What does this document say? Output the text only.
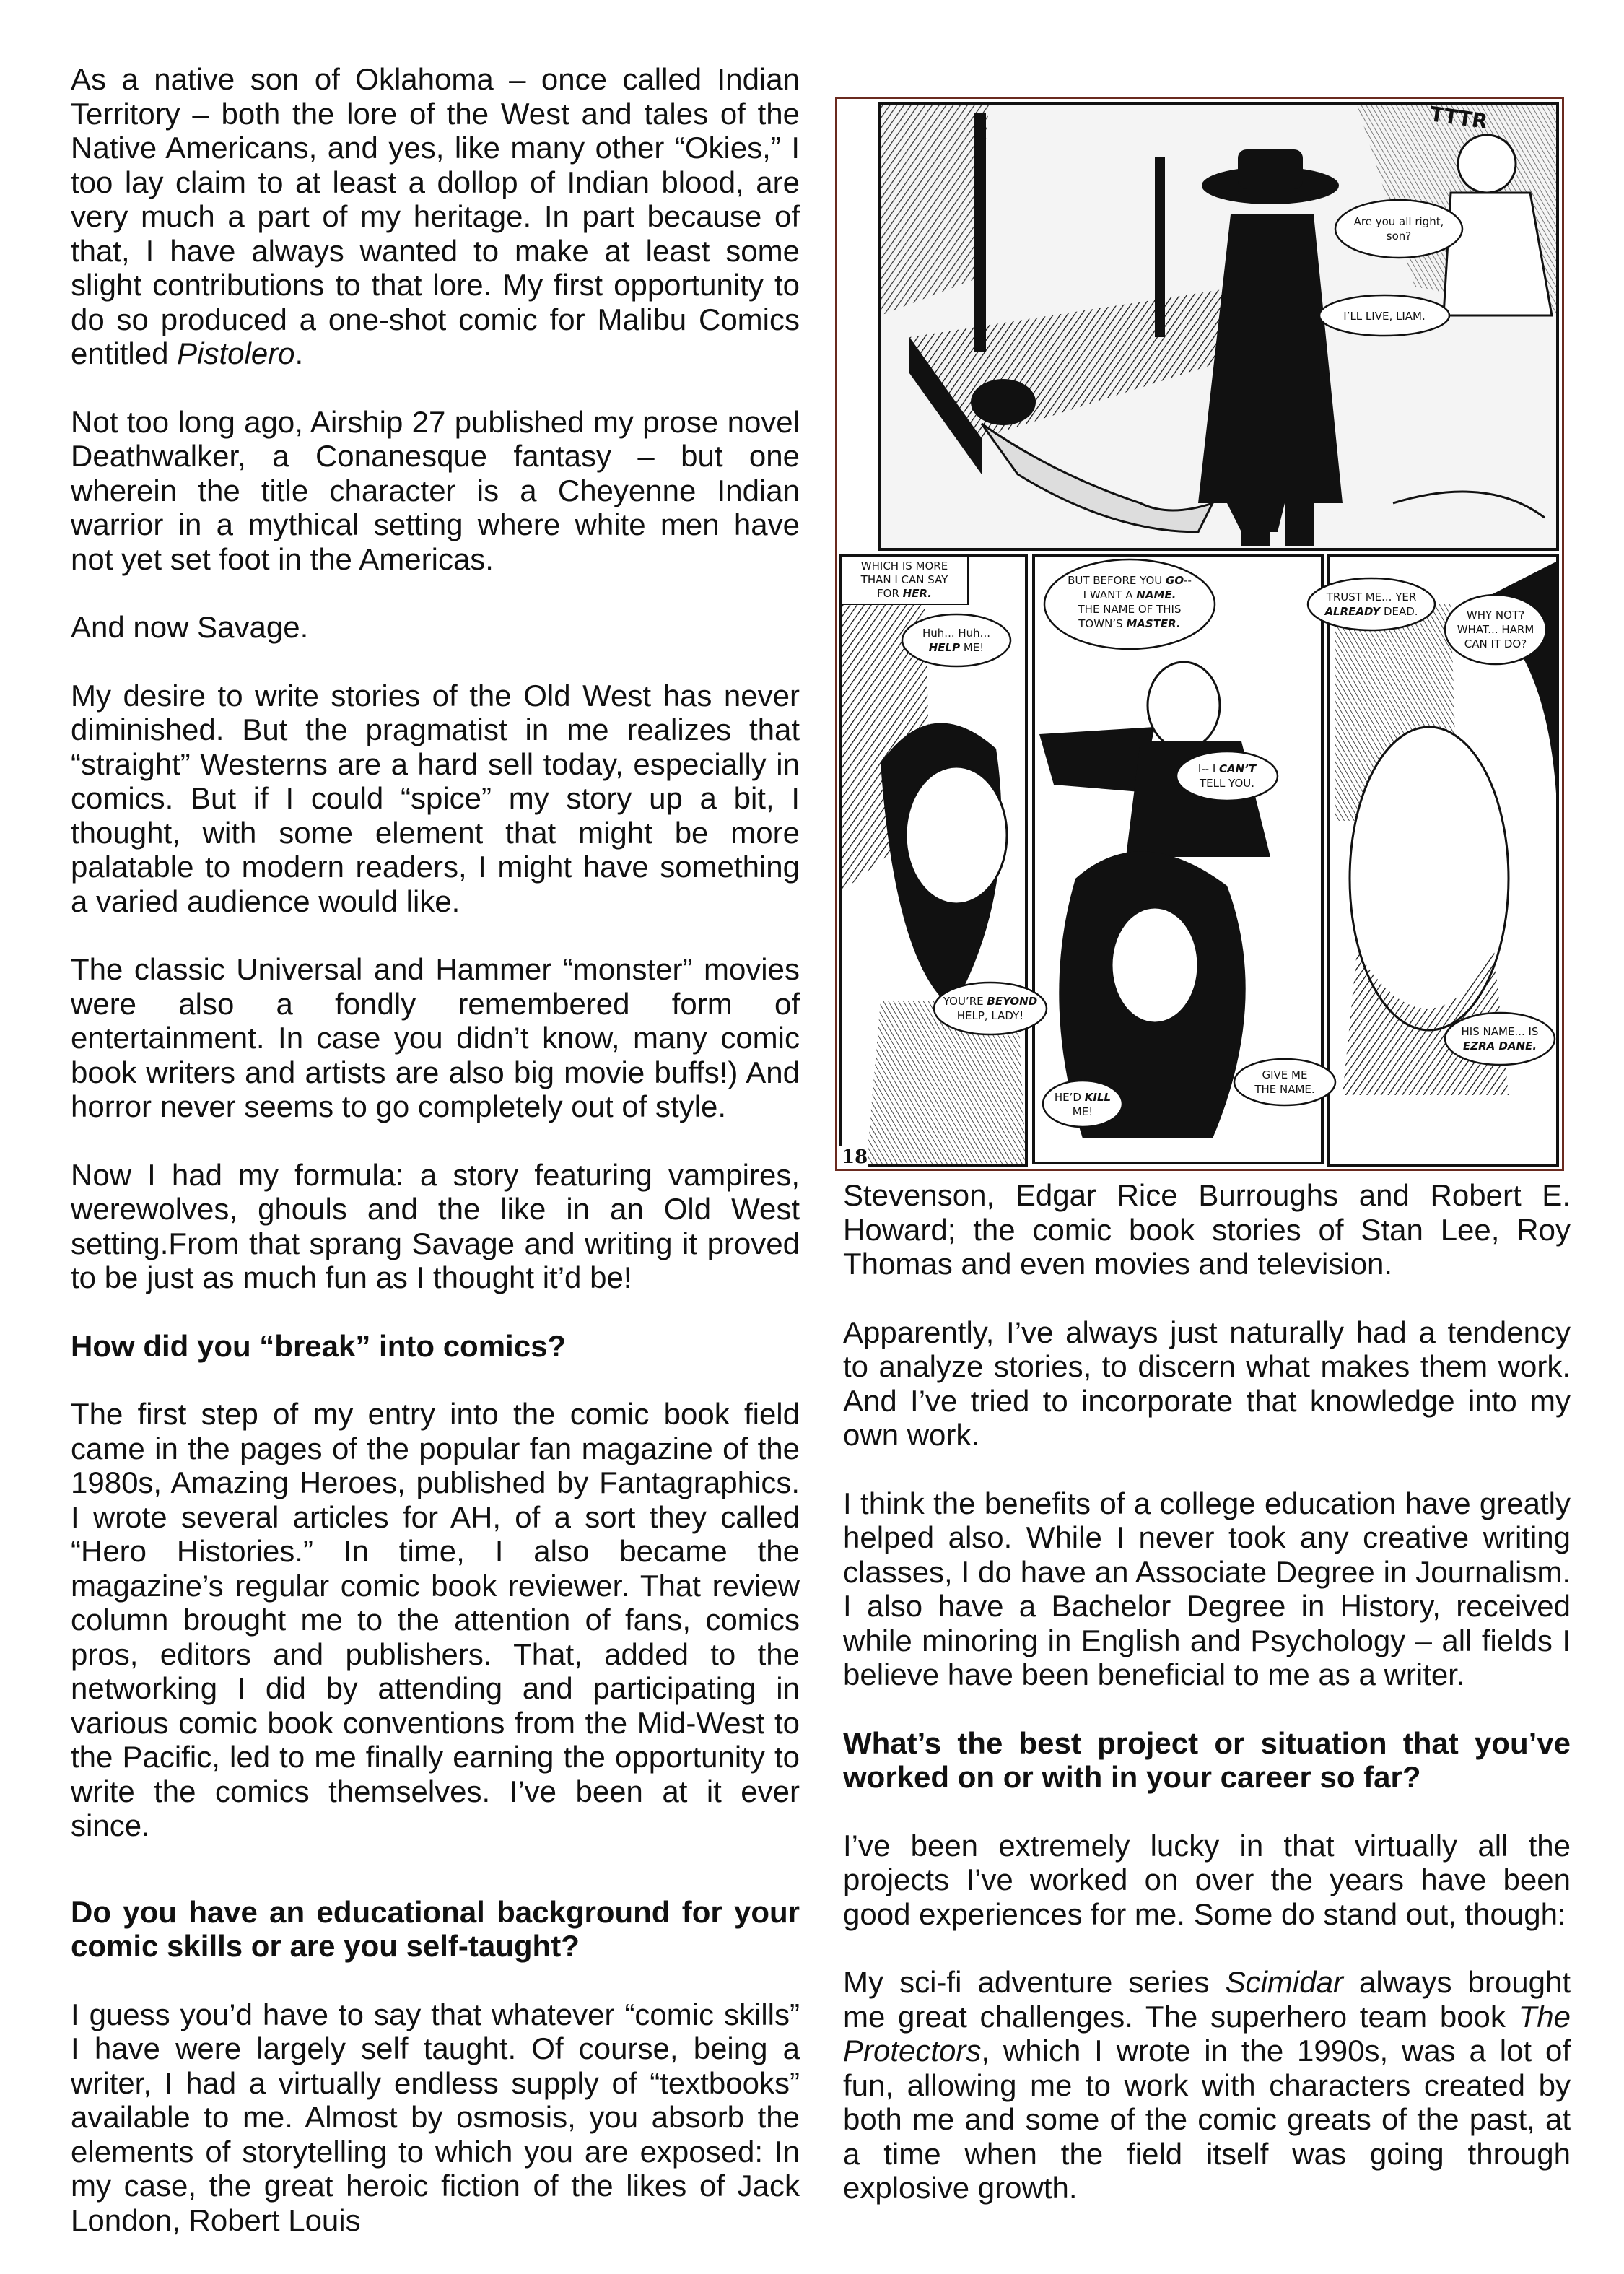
As a native son of Oklahoma – once called Indian Territory – both the lore of the West and tales of the Native Americans, and yes, like many other “Okies,” I too lay claim to at least a dollop of Indian blood, are very much a part of my heritage. In part because of that, I have always wanted to make at least some slight contributions to that lore. My first opportunity to do so produced a one-shot comic for Malibu Comics entitled Pistolero.

Not too long ago, Airship 27 published my prose novel Deathwalker, a Conanesque fantasy – but one wherein the title character is a Cheyenne Indian warrior in a mythical setting where white men have not yet set foot in the Americas.

And now Savage.

My desire to write stories of the Old West has never diminished. But the pragmatist in me realizes that “straight” Westerns are a hard sell today, especially in comics. But if I could “spice” my story up a bit, I thought, with some element that might be more palatable to modern readers, I might have something a varied audience would like.

The classic Universal and Hammer “monster” movies were also a fondly remembered form of entertainment. In case you didn’t know, many comic book writers and artists are also big movie buffs!) And horror never seems to go completely out of style.

Now I had my formula: a story featuring vampires, werewolves, ghouls and the like in an Old West setting.From that sprang Savage and writing it proved to be just as much fun as I thought it’d be!

How did you “break” into comics?

The first step of my entry into the comic book field came in the pages of the popular fan magazine of the 1980s, Amazing Heroes, published by Fantagraphics. I wrote several articles for AH, of a sort they called “Hero Histories.” In time, I also became the magazine’s regular comic book reviewer. That review column brought me to the attention of fans, comics pros, editors and publishers. That, added to the networking I did by attending and participating in various comic book conventions from the Mid-West to the Pacific, led to me finally earning the opportunity to write the comics themselves. I’ve been at it ever since.

Do you have an educational background for your comic skills or are you self-taught?

I guess you’d have to say that whatever “comic skills” I have were largely self taught. Of course, being a writer, I had a virtually endless supply of “textbooks” available to me. Almost by osmosis, you absorb the elements of storytelling to which you are exposed: In my case, the great heroic fiction of the likes of Jack London, Robert Louis

TTTR
Are you all right,
son?
I’LL LIVE, LIAM.
WHICH IS MORE
THAN I CAN SAY
FOR HER.
Huh... Huh...
HELP ME!
BUT BEFORE YOU GO--
I WANT A NAME.
THE NAME OF THIS
TOWN’S MASTER.
I-- I CAN’T
TELL YOU.
TRUST ME... YER
ALREADY DEAD.	WHY NOT?
WHAT... HARM
CAN IT DO?
YOU’RE BEYOND
HELP, LADY!
HE’D KILL
ME!
GIVE ME
THE NAME.
HIS NAME... IS
EZRA DANE.
18

Stevenson, Edgar Rice Burroughs and Robert E. Howard; the comic book stories of Stan Lee, Roy Thomas and even movies and television.

Apparently, I’ve always just naturally had a tendency to analyze stories, to discern what makes them work. And I’ve tried to incorporate that knowledge into my own work.

I think the benefits of a college education have greatly helped also. While I never took any creative writing classes, I do have an Associate Degree in Journalism. I also have a Bachelor Degree in History, received while minoring in English and Psychology – all fields I believe have been beneficial to me as a writer.

What’s the best project or situation that you’ve worked on or with in your career so far?

I’ve been extremely lucky in that virtually all the projects I’ve worked on over the years have been good experiences for me. Some do stand out, though:

My sci-fi adventure series Scimidar always brought me great challenges. The superhero team book The Protectors, which I wrote in the 1990s, was a lot of fun, allowing me to work with characters created by both me and some of the comic greats of the past, at a time when the field itself was going through explosive growth.
